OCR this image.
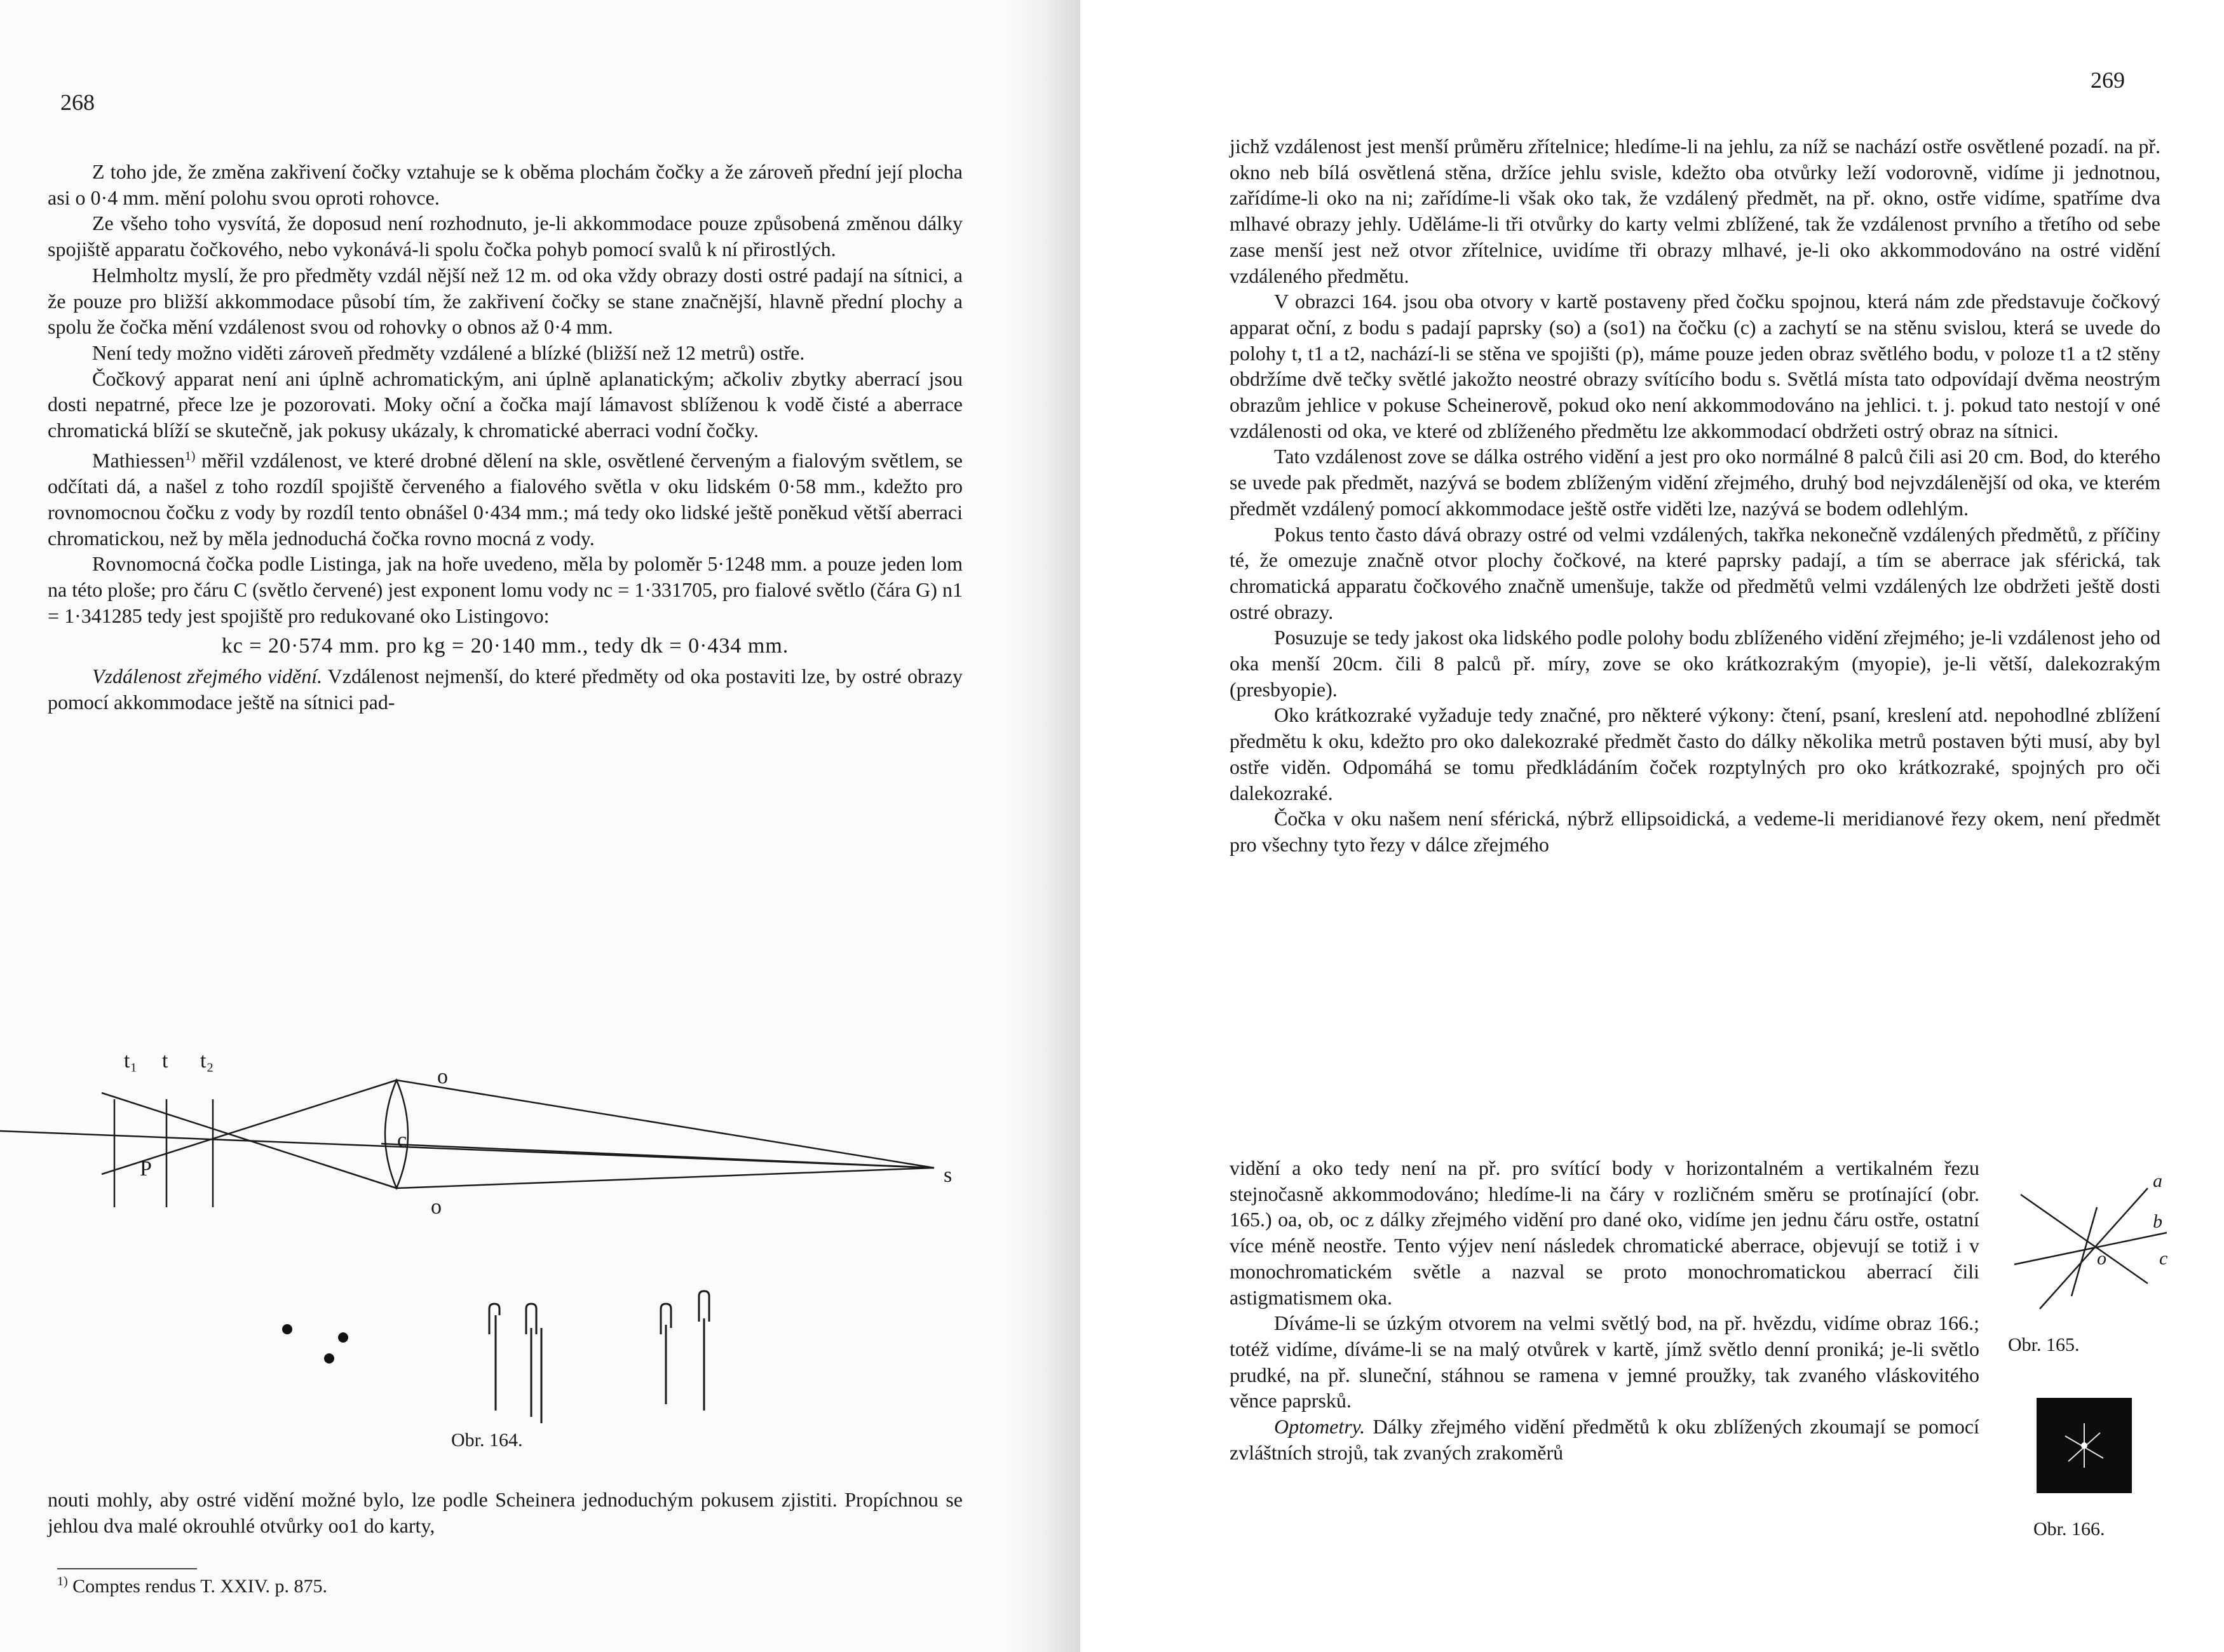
268

Z toho jde, že změna zakřivení čočky vztahuje se k oběma plochám čočky a že zároveň přední její plocha asi o 0·4 mm. mění polohu svou oproti rohovce.

Ze všeho toho vysvítá, že doposud není rozhodnuto, je-li akkommodace pouze způsobená změnou dálky spojiště apparatu čočkového, nebo vykonává-li spolu čočka pohyb pomocí svalů k ní přirostlých.

Helmholtz myslí, že pro předměty vzdál nější než 12 m. od oka vždy obrazy dosti ostré padají na sítnici, a že pouze pro bližší akkommodace působí tím, že zakřivení čočky se stane značnější, hlavně přední plochy a spolu že čočka mění vzdálenost svou od rohovky o obnos až 0·4 mm.

Není tedy možno viděti zároveň předměty vzdálené a blízké (bližší než 12 metrů) ostře.

Čočkový apparat není ani úplně achromatickým, ani úplně aplanatickým; ačkoliv zbytky aberrací jsou dosti nepatrné, přece lze je pozorovati. Moky oční a čočka mají lámavost sblíženou k vodě čisté a aberrace chromatická blíží se skutečně, jak pokusy ukázaly, k chromatické aberraci vodní čočky.

Mathiessen$^{1)}$ měřil vzdálenost, ve které drobné dělení na skle, osvětlené červeným a fialovým světlem, se odčítati dá, a našel z toho rozdíl spojiště červeného a fialového světla v oku lidském 0·58 mm., kdežto pro rovnomocnou čočku z vody by rozdíl tento obnášel 0·434 mm.; má tedy oko lidské ještě poněkud větší aberraci chromatickou, než by měla jednoduchá čočka rovno mocná z vody.

Rovnomocná čočka podle Listinga, jak na hoře uvedeno, měla by poloměr 5·1248 mm. a pouze jeden lom na této ploše; pro čáru C (světlo červené) jest exponent lomu vody nc = 1·331705, pro fialové světlo (čára G) n1 = 1·341285 tedy jest spojiště pro redukované oko Listingovo:

kc = 20·574 mm. pro kg = 20·140 mm., tedy dk = 0·434 mm.

Vzdálenost zřejmého vidění. Vzdálenost nejmenší, do které předměty od oka postaviti lze, by ostré obrazy pomocí akkommodace ještě na sítnici pad-

t₁ t t₂
P
c
o
o
s
Obr. 164.

nouti mohly, aby ostré vidění možné bylo, lze podle Scheinera jednoduchým pokusem zjistiti. Propíchnou se jehlou dva malé okrouhlé otvůrky oo1 do karty,

$^{1)}$ Comptes rendus T. XXIV. p. 875.
269

jichž vzdálenost jest menší průměru zřítelnice; hledíme-li na jehlu, za níž se nachází ostře osvětlené pozadí. na př. okno neb bílá osvětlená stěna, držíce jehlu svisle, kdežto oba otvůrky leží vodorovně, vidíme ji jednotnou, zařídíme-li oko na ni; zařídíme-li však oko tak, že vzdálený předmět, na př. okno, ostře vidíme, spatříme dva mlhavé obrazy jehly. Uděláme-li tři otvůrky do karty velmi zblížené, tak že vzdálenost prvního a třetího od sebe zase menší jest než otvor zřítelnice, uvidíme tři obrazy mlhavé, je-li oko akkommodováno na ostré vidění vzdáleného předmětu.

V obrazci 164. jsou oba otvory v kartě postaveny před čočku spojnou, která nám zde představuje čočkový apparat oční, z bodu s padají paprsky (so) a (so1) na čočku (c) a zachytí se na stěnu svislou, která se uvede do polohy t, t1 a t2, nachází-li se stěna ve spojišti (p), máme pouze jeden obraz světlého bodu, v poloze t1 a t2 stěny obdržíme dvě tečky světlé jakožto neostré obrazy svítícího bodu s. Světlá místa tato odpovídají dvěma neostrým obrazům jehlice v pokuse Scheinerově, pokud oko není akkommodováno na jehlici. t. j. pokud tato nestojí v oné vzdálenosti od oka, ve které od zblíženého předmětu lze akkommodací obdržeti ostrý obraz na sítnici.

Tato vzdálenost zove se dálka ostrého vidění a jest pro oko normálné 8 palců čili asi 20 cm. Bod, do kterého se uvede pak předmět, nazývá se bodem zblíženým vidění zřejmého, druhý bod nejvzdálenější od oka, ve kterém předmět vzdálený pomocí akkommodace ještě ostře viděti lze, nazývá se bodem odlehlým.

Pokus tento často dává obrazy ostré od velmi vzdálených, takřka nekonečně vzdálených předmětů, z příčiny té, že omezuje značně otvor plochy čočkové, na které paprsky padají, a tím se aberrace jak sférická, tak chromatická apparatu čočkového značně umenšuje, takže od předmětů velmi vzdálených lze obdržeti ještě dosti ostré obrazy.

Posuzuje se tedy jakost oka lidského podle polohy bodu zblíženého vidění zřejmého; je-li vzdálenost jeho od oka menší 20cm. čili 8 palců př. míry, zove se oko krátkozrakým (myopie), je-li větší, dalekozrakým (presbyopie).

Oko krátkozraké vyžaduje tedy značné, pro některé výkony: čtení, psaní, kreslení atd. nepohodlné zblížení předmětu k oku, kdežto pro oko dalekozraké předmět často do dálky několika metrů postaven býti musí, aby byl ostře viděn. Odpomáhá se tomu předkládáním čoček rozptylných pro oko krátkozraké, spojných pro oči dalekozraké.

Čočka v oku našem není sférická, nýbrž ellipsoidická, a vedeme-li meridianové řezy okem, není předmět pro všechny tyto řezy v dálce zřejmého

vidění a oko tedy není na př. pro svítící body v horizontalném a vertikalném řezu stejnočasně akkommodováno; hledíme-li na čáry v rozličném směru se protínající (obr. 165.) oa, ob, oc z dálky zřejmého vidění pro dané oko, vidíme jen jednu čáru ostře, ostatní více méně neostře. Tento výjev není následek chromatické aberrace, objevují se totiž i v monochromatickém světle a nazval se proto monochromatickou aberrací čili astigmatismem oka.

Díváme-li se úzkým otvorem na velmi světlý bod, na př. hvězdu, vidíme obraz 166.; totéž vidíme, díváme-li se na malý otvůrek v kartě, jímž světlo denní proniká; je-li světlo prudké, na př. sluneční, stáhnou se ramena v jemné proužky, tak zvaného vláskovitého věnce paprsků.

Optometry. Dálky zřejmého vidění předmětů k oku zblížených zkoumají se pomocí zvláštních strojů, tak zvaných zrakoměrů

a
b
c
o
Obr. 165.
Obr. 166.
